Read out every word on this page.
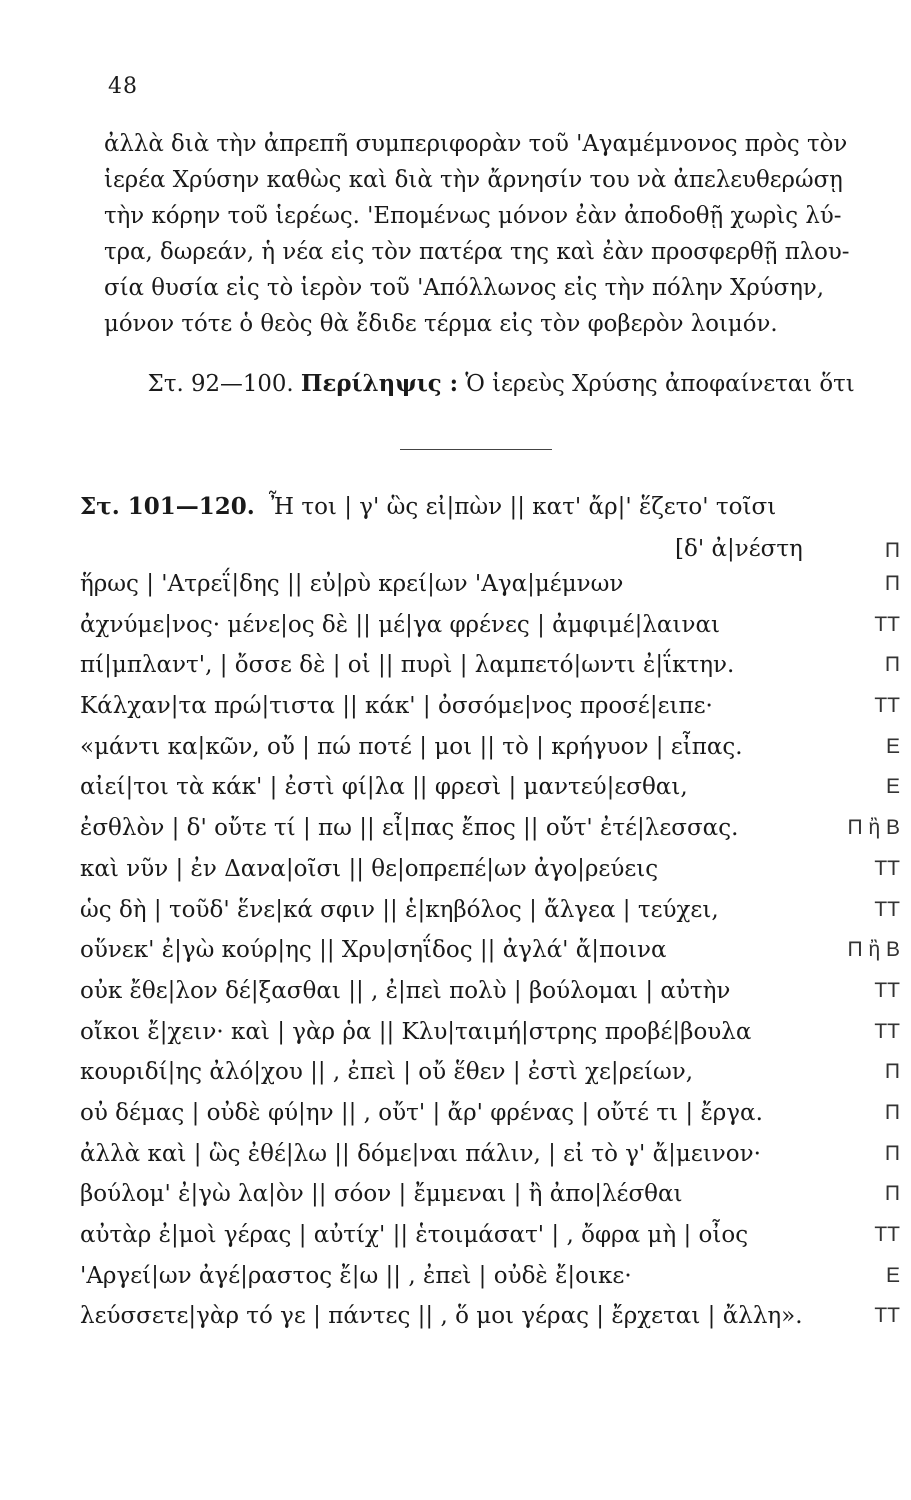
48

ἀλλὰ διὰ τὴν ἀπρεπῆ συμπεριφορὰν τοῦ 'Αγαμέμνονος πρὸς τὸν

ἱερέα Χρύσην καθὼς καὶ διὰ τὴν ἄρνησίν του νὰ ἀπελευθερώσῃ

τὴν κόρην τοῦ ἱερέως. 'Επομένως μόνον ἐὰν ἀποδοθῇ χωρὶς λύ-

τρα, δωρεάν, ἡ νέα εἰς τὸν πατέρα της καὶ ἐὰν προσφερθῇ πλου-

σία θυσία εἰς τὸ ἱερὸν τοῦ 'Απόλλωνος εἰς τὴν πόλην Χρύσην,

μόνον τότε ὁ θεὸς θὰ ἔδιδε τέρμα εἰς τὸν φοβερὸν λοιμόν.

Στ. 92—100. Περίληψις : Ὁ ἱερεὺς Χρύσης ἀποφαίνεται ὅτι

Στ. 101—120. Ἦ τοι | γ' ὣς εἰ|πὼν || κατ' ἄρ|' ἕζετο' τοῖσι
[δ' ἀ|νέστη
ἥρως | 'Ατρεΐ|δης || εὐ|ρὺ κρεί|ων 'Αγα|μέμνων
ἀχνύμε|νος· μένε|ος δὲ || μέ|γα φρένες | ἀμφιμέ|λαιναι
πί|μπλαντ', | ὄσσε δὲ | οἱ || πυρὶ | λαμπετό|ωντι ἐ|ΐκτην.
Κάλχαν|τα πρώ|τιστα || κάκ' | ὀσσόμε|νος προσέ|ειπε·
«μάντι κα|κῶν, οὔ | πώ ποτέ | μοι || τὸ | κρήγυον | εἶπας.
αἰεί|τοι τὰ κάκ' | ἐστὶ φί|λα || φρεσὶ | μαντεύ|εσθαι,
ἐσθλὸν | δ' οὔτε τί | πω || εἶ|πας ἔπος || οὔτ' ἐτέ|λεσσας.
καὶ νῦν | ἐν Δανα|οῖσι || θε|οπρεπέ|ων ἀγο|ρεύεις
ὡς δὴ | τοῦδ' ἕνε|κά σφιν || ἑ|κηβόλος | ἄλγεα | τεύχει,
οὕνεκ' ἐ|γὼ κούρ|ης || Χρυ|σηΐδος || ἀγλά' ἄ|ποινα
οὐκ ἔθε|λον δέ|ξασθαι || , ἐ|πεὶ πολὺ | βούλομαι | αὐτὴν
οἴκοι ἔ|χειν· καὶ | γὰρ ῥα || Κλυ|ταιμή|στρης προβέ|βουλα
κουριδί|ης ἀλό|χου || , ἐπεὶ | οὔ ἕθεν | ἐστὶ χε|ρείων,
οὐ δέμας | οὐδὲ φύ|ην || , οὔτ' | ἄρ' φρένας | οὔτέ τι | ἔργα.
ἀλλὰ καὶ | ὣς ἐθέ|λω || δόμε|ναι πάλιν, | εἰ τὸ γ' ἄ|μεινον·
βούλομ' ἐ|γὼ λα|ὸν || σόον | ἔμμεναι | ἢ ἀπο|λέσθαι
αὐτὰρ ἐ|μοὶ γέρας | αὐτίχ' || ἑτοιμάσατ' | , ὄφρα μὴ | οἶος
'Αργεί|ων ἀγέ|ραστος ἔ|ω || , ἐπεὶ | οὐδὲ ἔ|οικε·
λεύσσετε|γὰρ τό γε | πάντες || , ὅ μοι γέρας | ἔρχεται | ἄλλη».
Π
Π
ΤΤ
Π
ΤΤ
Ε
Ε
Π ἢ Β
ΤΤ
ΤΤ
Π ἢ Β
ΤΤ
ΤΤ
Π
Π
Π
Π
ΤΤ
Ε
ΤΤ
